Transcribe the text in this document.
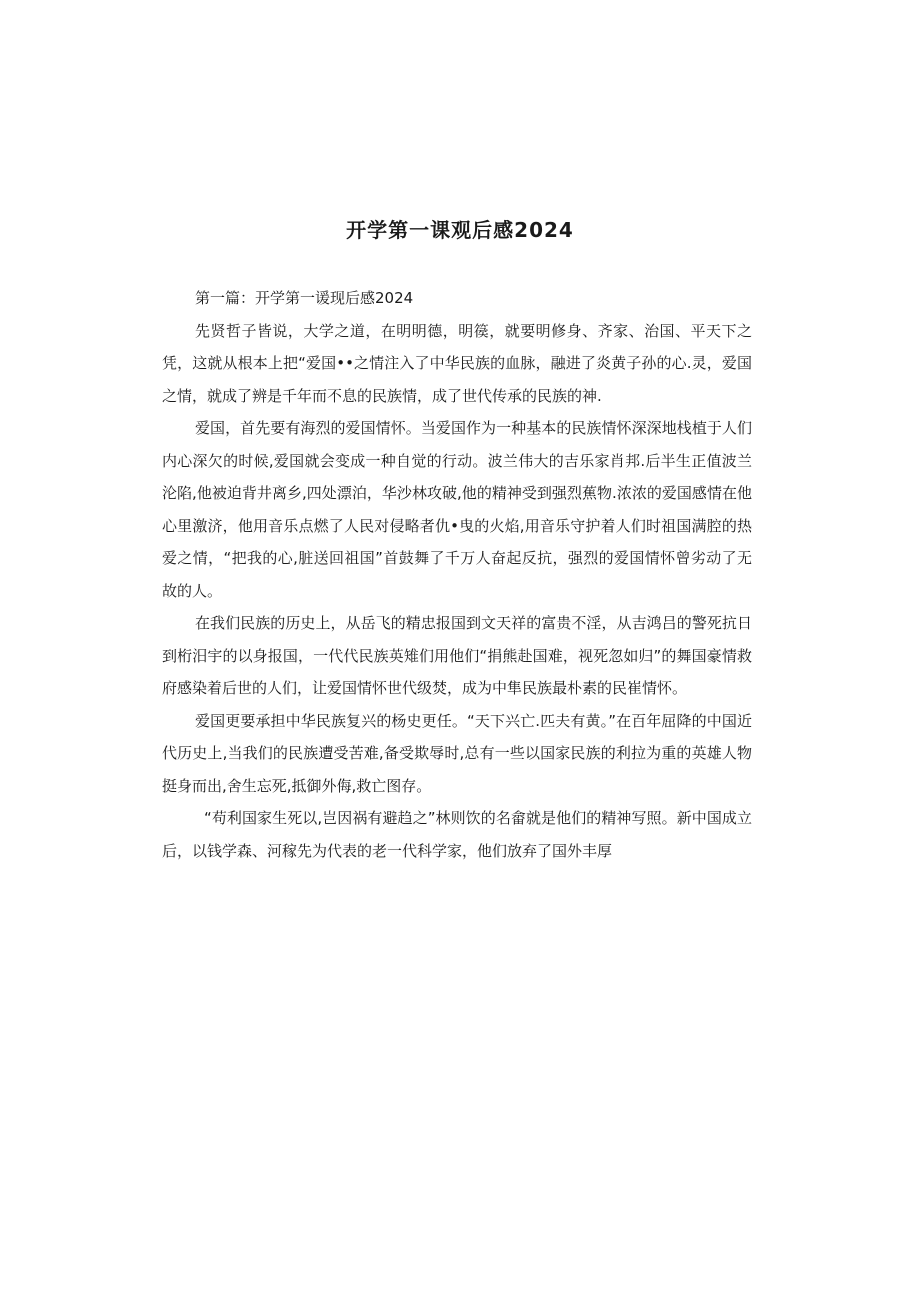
开学第一课观后感2024

第一篇：开学第一谖现后感2024

先贤哲子皆说，大学之道，在明明德，明篌，就要明修身、齐家、治国、平天下之凭，这就从根本上把“爱国••之情注入了中华民族的血脉，融进了炎黄子孙的心.灵，爱国之情，就成了辨是千年而不息的民族情，成了世代传承的民族的神.

爱国，首先要有海烈的爱国情怀。当爱国作为一种基本的民族情怀深深地栈植于人们内心深欠的时候,爱国就会变成一种自觉的行动。波兰伟大的吉乐家肖邦.后半生正值波兰沦陷,他被迫背井离乡,四处漂泊，华沙林攻破,他的精神受到强烈蕉物.浓浓的爱国感情在他心里激济，他用音乐点燃了人民对侵略者仇•曳的火焰,用音乐守护着人们时祖国满腔的热爱之情，“把我的心,脏送回祖国”首鼓舞了千万人奋起反抗，强烈的爱国情怀曾劣动了无故的人。

在我们民族的历史上，从岳飞的精忠报国到文天祥的富贵不淫，从吉鸿吕的警死抗日到桁汨宇的以身报国，一代代民族英雉们用他们“捐熊赴国难，视死忽如归”的舞国豪情救府感染着后世的人们，让爱国情怀世代级焚，成为中隼民族最朴素的民崔情怀。

爱国更要承担中华民族复兴的杨史更任。“天下兴亡.匹夫有黄。”在百年屈降的中国近代历史上,当我们的民族遭受苦难,备受欺辱时,总有一些以国家民族的利拉为重的英雄人物挺身而出,舍生忘死,抵御外侮,救亡图存。

“苟利国家生死以,岂因祸有避趋之”林则饮的名畲就是他们的精神写照。新中国成立后，以钱学森、河稼先为代表的老一代科学家，他们放弃了国外丰厚
